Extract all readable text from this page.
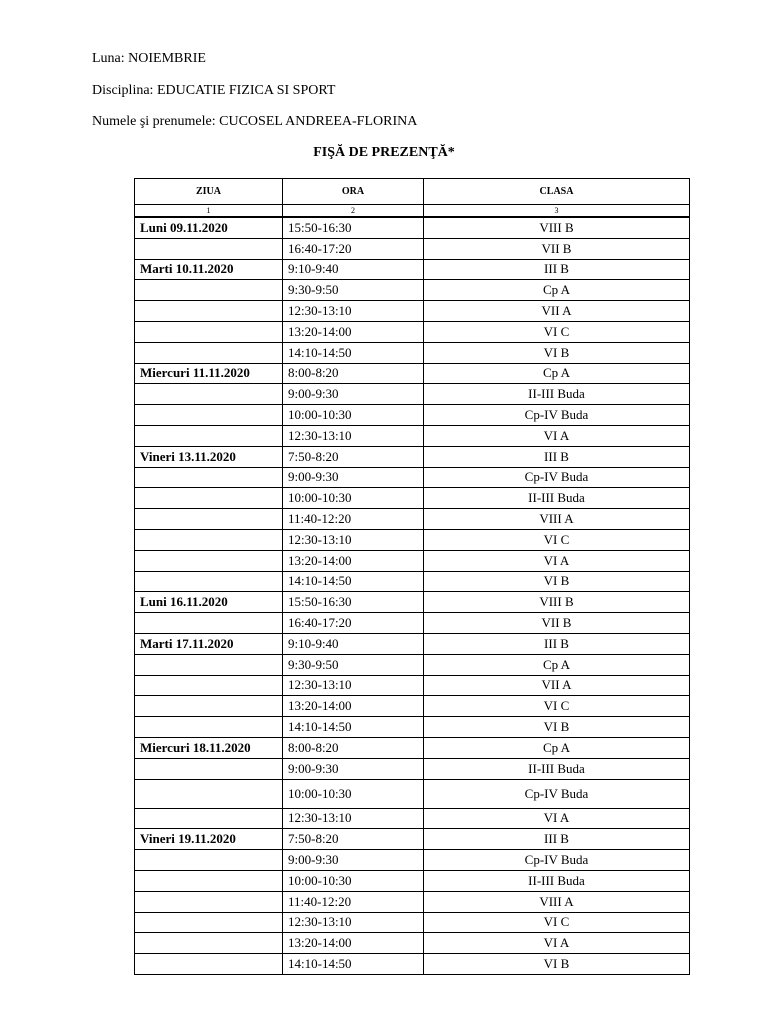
Luna: NOIEMBRIE
Disciplina: EDUCATIE FIZICA SI SPORT
Numele şi prenumele: CUCOSEL ANDREEA-FLORINA
FIŞĂ DE PREZENŢĂ*
ZIUA	ORA	CLASA
1	2	3
Luni 09.11.2020	15:50-16:30	VIII B
	16:40-17:20	VII B
Marti 10.11.2020	9:10-9:40	III B
	9:30-9:50	Cp A
	12:30-13:10	VII A
	13:20-14:00	VI C
	14:10-14:50	VI B
Miercuri 11.11.2020	8:00-8:20	Cp A
	9:00-9:30	II-III Buda
	10:00-10:30	Cp-IV Buda
	12:30-13:10	VI A
Vineri 13.11.2020	7:50-8:20	III B
	9:00-9:30	Cp-IV Buda
	10:00-10:30	II-III Buda
	11:40-12:20	VIII A
	12:30-13:10	VI C
	13:20-14:00	VI A
	14:10-14:50	VI B
Luni 16.11.2020	15:50-16:30	VIII B
	16:40-17:20	VII B
Marti 17.11.2020	9:10-9:40	III B
	9:30-9:50	Cp A
	12:30-13:10	VII A
	13:20-14:00	VI C
	14:10-14:50	VI B
Miercuri 18.11.2020	8:00-8:20	Cp A
	9:00-9:30	II-III Buda
	10:00-10:30	Cp-IV Buda
	12:30-13:10	VI A
Vineri 19.11.2020	7:50-8:20	III B
	9:00-9:30	Cp-IV Buda
	10:00-10:30	II-III Buda
	11:40-12:20	VIII A
	12:30-13:10	VI C
	13:20-14:00	VI A
	14:10-14:50	VI B
